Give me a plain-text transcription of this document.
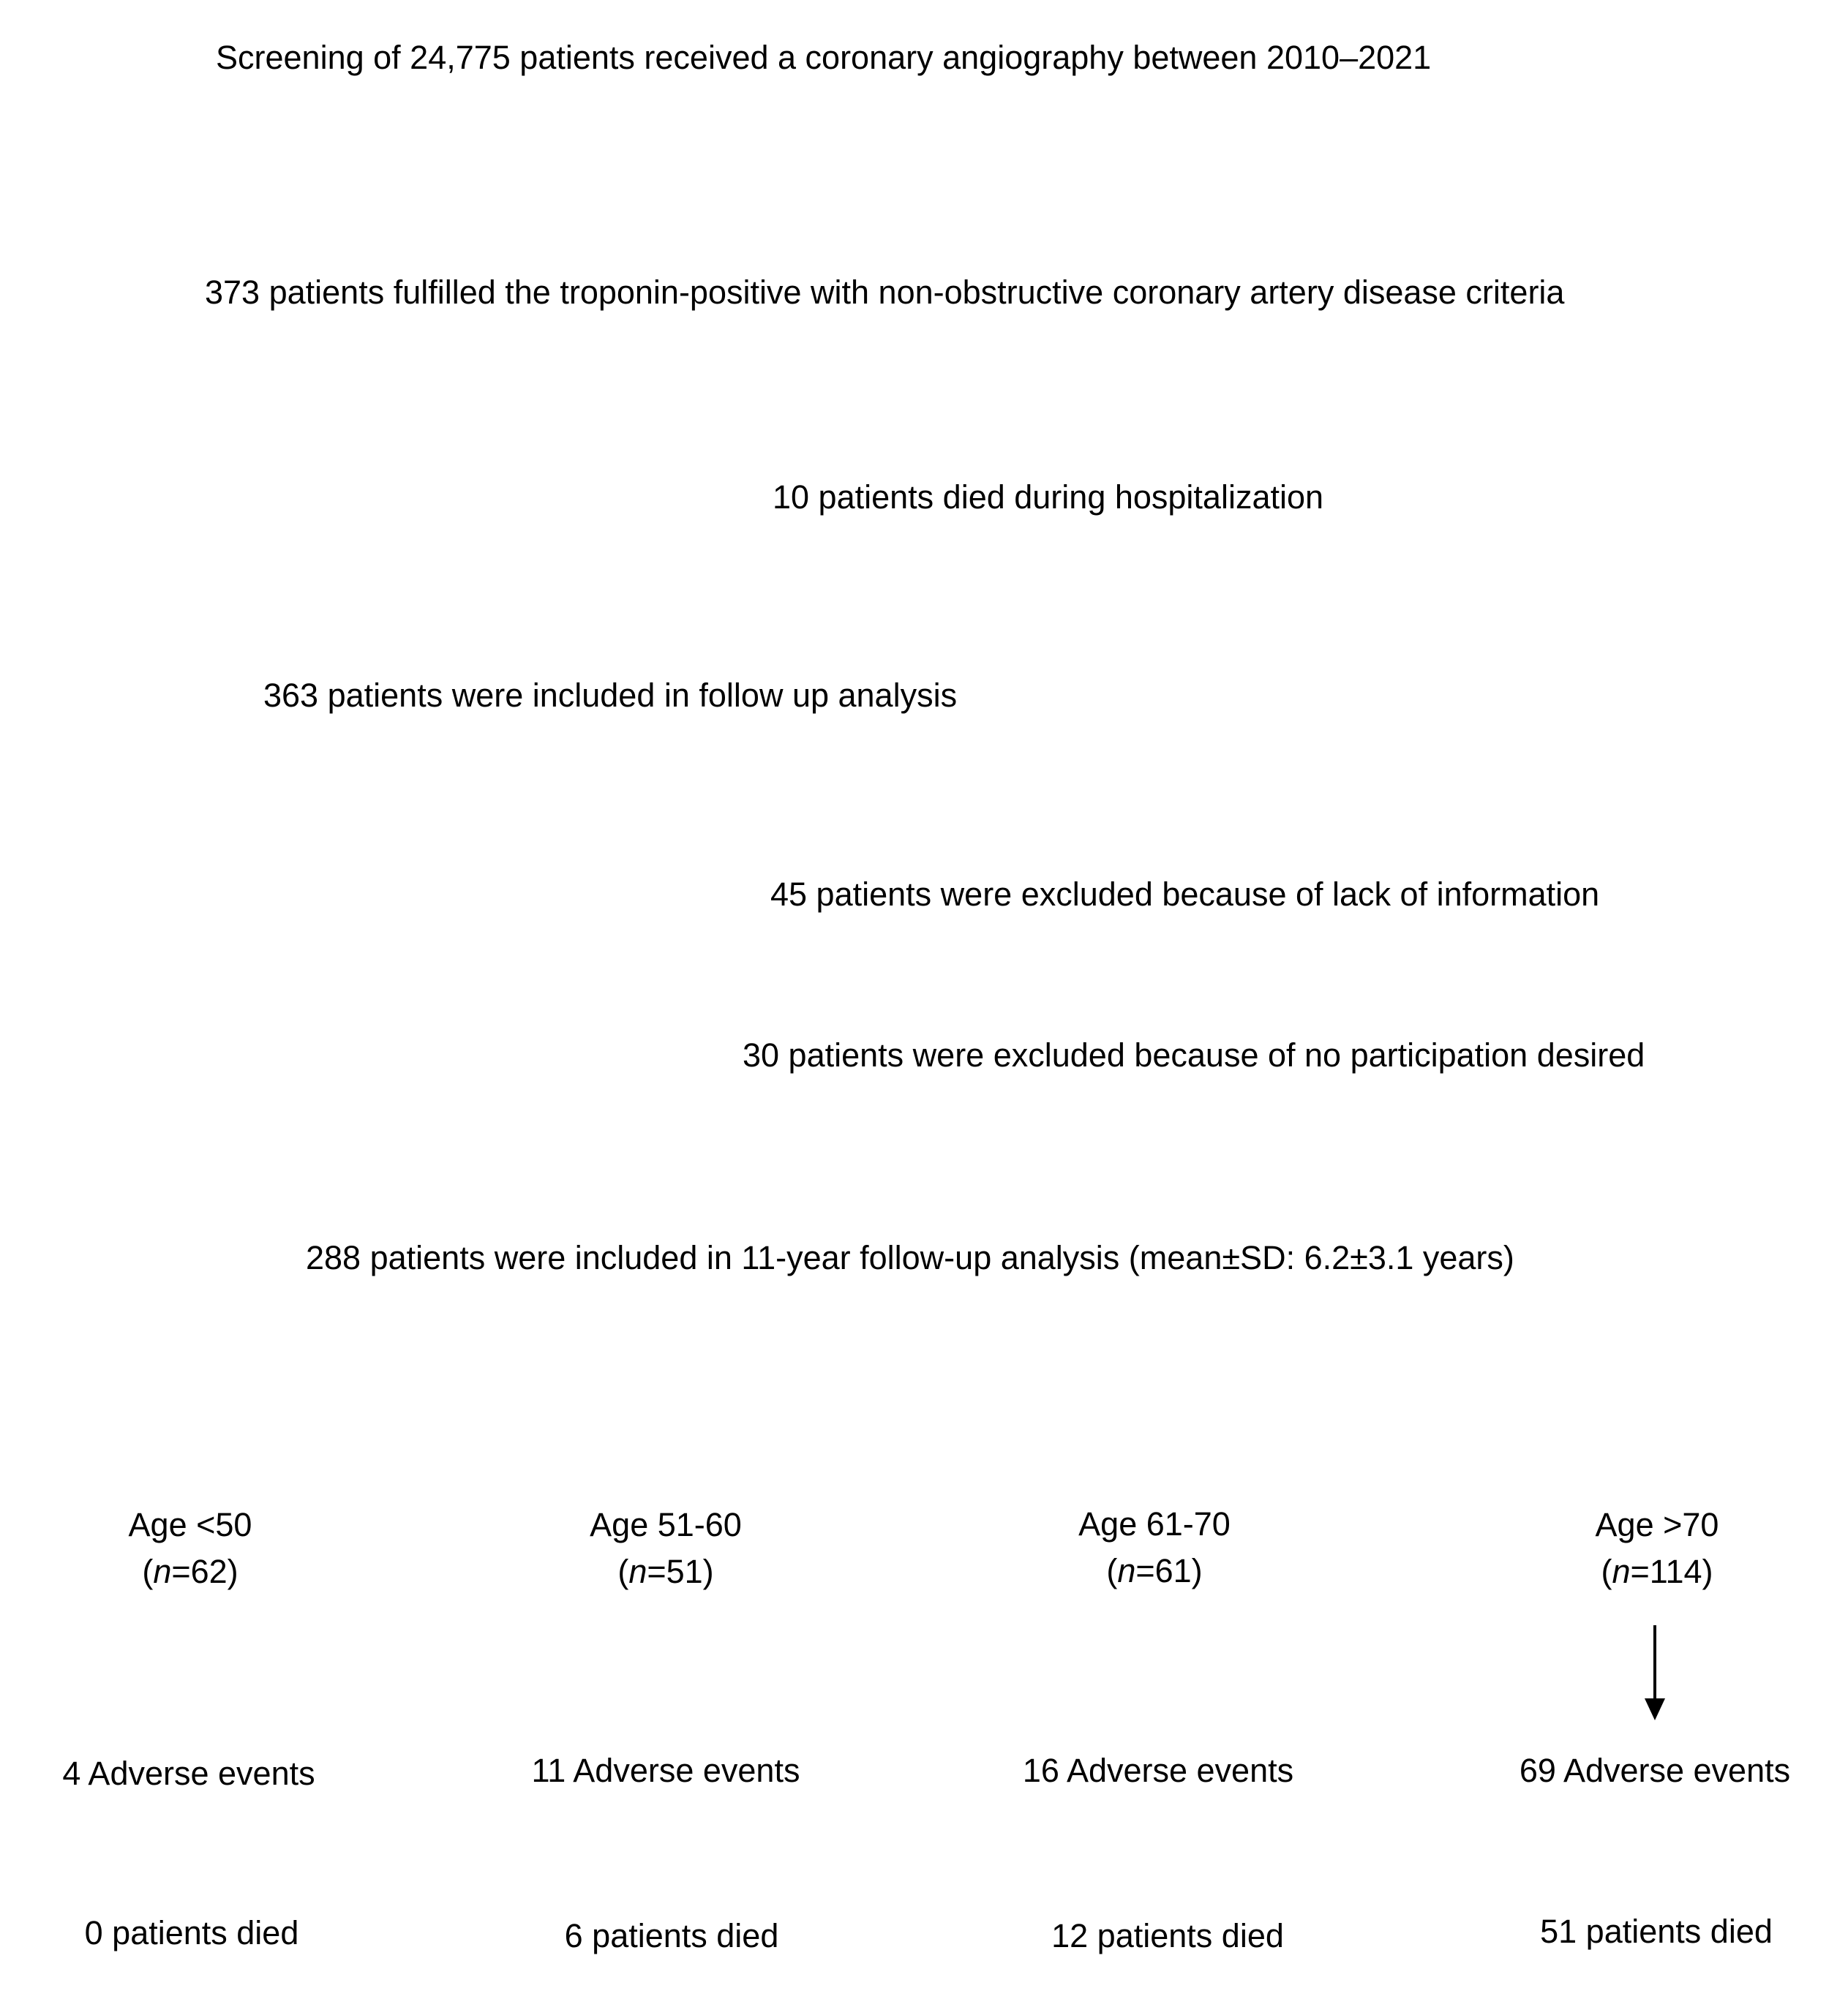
Screening of 24,775 patients received a coronary angiography between 2010–2021
373 patients fulfilled the troponin-positive with non-obstructive coronary artery disease criteria
10 patients died during hospitalization
363 patients were included in follow up analysis
45 patients were excluded because of lack of information
30 patients were excluded because of no participation desired
288 patients were included in 11-year follow-up analysis (mean±SD: 6.2±3.1 years)
Age <50
(n=62)
4 Adverse events
0 patients died
Age 51-60
(n=51)
11 Adverse events
6 patients died
Age 61-70
(n=61)
16 Adverse events
12 patients died
Age >70
(n=114)
69 Adverse events
51 patients died
